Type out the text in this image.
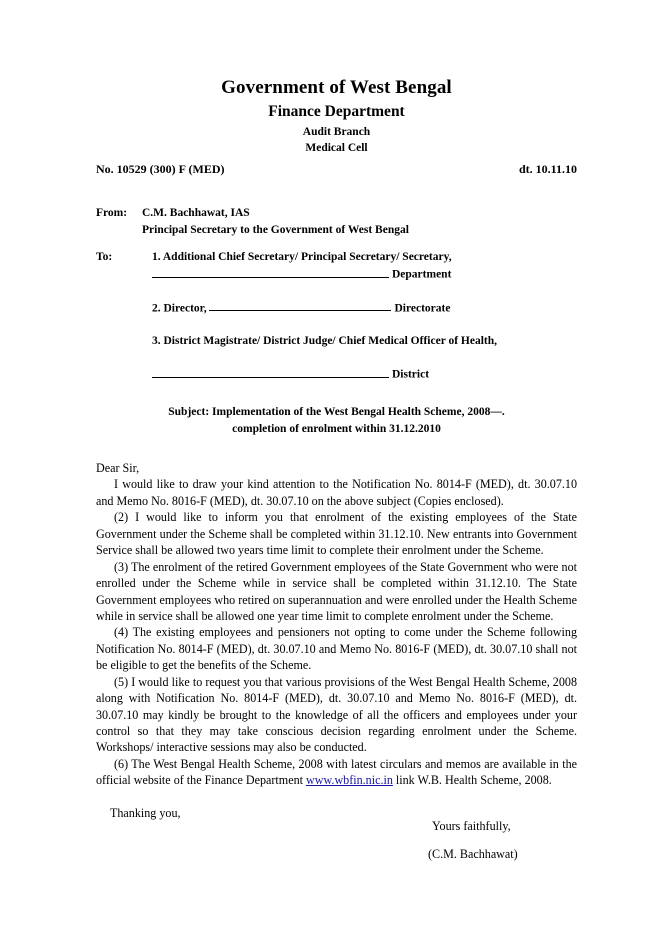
Government of West Bengal
Finance Department
Audit Branch
Medical Cell
No. 10529 (300) F (MED)	dt. 10.11.10
From:	C.M. Bachhawat, IAS
Principal Secretary to the Government of West Bengal
To:	1. Additional Chief Secretary/ Principal Secretary/ Secretary,
Department
2. Director,	Directorate
3. District Magistrate/ District Judge/ Chief Medical Officer of Health,
District
Subject: Implementation of the West Bengal Health Scheme, 2008—.
completion of enrolment within 31.12.2010

Dear Sir,

I would like to draw your kind attention to the Notification No. 8014-F (MED), dt. 30.07.10 and Memo No. 8016-F (MED), dt. 30.07.10 on the above subject (Copies enclosed).

(2) I would like to inform you that enrolment of the existing employees of the State Government under the Scheme shall be completed within 31.12.10. New entrants into Government Service shall be allowed two years time limit to complete their enrolment under the Scheme.

(3) The enrolment of the retired Government employees of the State Government who were not enrolled under the Scheme while in service shall be completed within 31.12.10. The State Government employees who retired on superannuation and were enrolled under the Health Scheme while in service shall be allowed one year time limit to complete enrolment under the Scheme.

(4) The existing employees and pensioners not opting to come under the Scheme following Notification No. 8014-F (MED), dt. 30.07.10 and Memo No. 8016-F (MED), dt. 30.07.10 shall not be eligible to get the benefits of the Scheme.

(5) I would like to request you that various provisions of the West Bengal Health Scheme, 2008 along with Notification No. 8014-F (MED), dt. 30.07.10 and Memo No. 8016-F (MED), dt. 30.07.10 may kindly be brought to the knowledge of all the officers and employees under your control so that they may take conscious decision regarding enrolment under the Scheme. Workshops/ interactive sessions may also be conducted.

(6) The West Bengal Health Scheme, 2008 with latest circulars and memos are available in the official website of the Finance Department www.wbfin.nic.in link W.B. Health Scheme, 2008.

Thanking you,
Yours faithfully,
(C.M. Bachhawat)
